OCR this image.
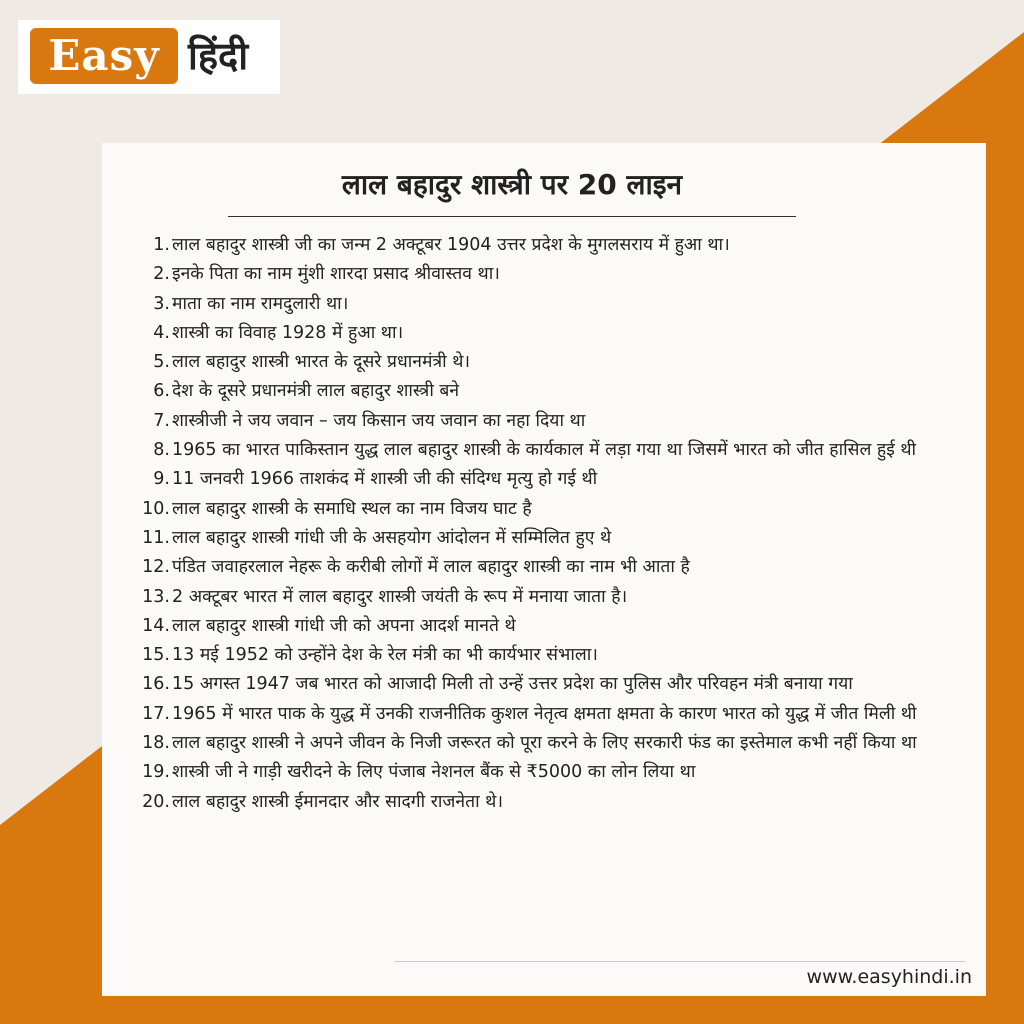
Easy हिंदी
लाल बहादुर शास्त्री पर 20 लाइन
1. लाल बहादुर शास्त्री जी का जन्म 2 अक्टूबर 1904 उत्तर प्रदेश के मुगलसराय में हुआ था।
2. इनके पिता का नाम मुंशी शारदा प्रसाद श्रीवास्तव था।
3. माता का नाम रामदुलारी था।
4. शास्त्री का विवाह 1928 में हुआ था।
5. लाल बहादुर शास्त्री भारत के दूसरे प्रधानमंत्री थे।
6. देश के दूसरे प्रधानमंत्री लाल बहादुर शास्त्री बने
7. शास्त्रीजी ने जय जवान – जय किसान जय जवान का नहा दिया था
8. 1965 का भारत पाकिस्तान युद्ध लाल बहादुर शास्त्री के कार्यकाल में लड़ा गया था जिसमें भारत को जीत हासिल हुई थी
9. 11 जनवरी 1966 ताशकंद में शास्त्री जी की संदिग्ध मृत्यु हो गई थी
10. लाल बहादुर शास्त्री के समाधि स्थल का नाम विजय घाट है
11. लाल बहादुर शास्त्री गांधी जी के असहयोग आंदोलन में सम्मिलित हुए थे
12. पंडित जवाहरलाल नेहरू के करीबी लोगों में लाल बहादुर शास्त्री का नाम भी आता है
13. 2 अक्टूबर भारत में लाल बहादुर शास्त्री जयंती के रूप में मनाया जाता है।
14. लाल बहादुर शास्त्री गांधी जी को अपना आदर्श मानते थे
15. 13 मई 1952 को उन्होंने देश के रेल मंत्री का भी कार्यभार संभाला।
16. 15 अगस्त 1947 जब भारत को आजादी मिली तो उन्हें उत्तर प्रदेश का पुलिस और परिवहन मंत्री बनाया गया
17. 1965 में भारत पाक के युद्ध में उनकी राजनीतिक कुशल नेतृत्व क्षमता क्षमता के कारण भारत को युद्ध में जीत मिली थी
18. लाल बहादुर शास्त्री ने अपने जीवन के निजी जरूरत को पूरा करने के लिए सरकारी फंड का इस्तेमाल कभी नहीं किया था
19. शास्त्री जी ने गाड़ी खरीदने के लिए पंजाब नेशनल बैंक से ₹5000 का लोन लिया था
20. लाल बहादुर शास्त्री ईमानदार और सादगी राजनेता थे।
www.easyhindi.in
